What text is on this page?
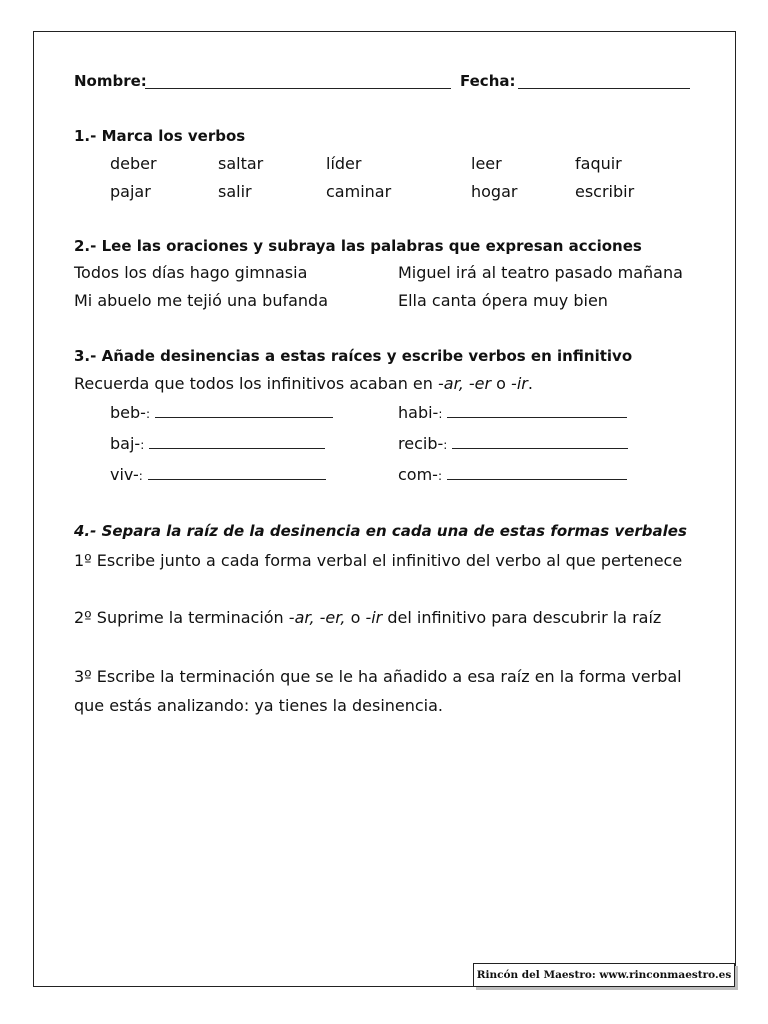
Nombre:	Fecha:
1.- Marca los verbos
deber	saltar	líder	leer	faquir
pajar	salir	caminar	hogar	escribir
2.- Lee las oraciones y subraya las palabras que expresan acciones
Todos los días hago gimnasia	Miguel irá al teatro pasado mañana
Mi abuelo me tejió una bufanda	Ella canta ópera muy bien
3.- Añade desinencias a estas raíces y escribe verbos en infinitivo
Recuerda que todos los infinitivos acaban en -ar, -er o -ir.
beb-:	habi-:
baj-:	recib-:
viv-:	com-:
4.- Separa la raíz de la desinencia en cada una de estas formas verbales
1º Escribe junto a cada forma verbal el infinitivo del verbo al que pertenece
2º Suprime la terminación -ar, -er, o -ir del infinitivo para descubrir la raíz
3º Escribe la terminación que se le ha añadido a esa raíz en la forma verbal
que estás analizando: ya tienes la desinencia.
Rincón del Maestro: www.rinconmaestro.es
